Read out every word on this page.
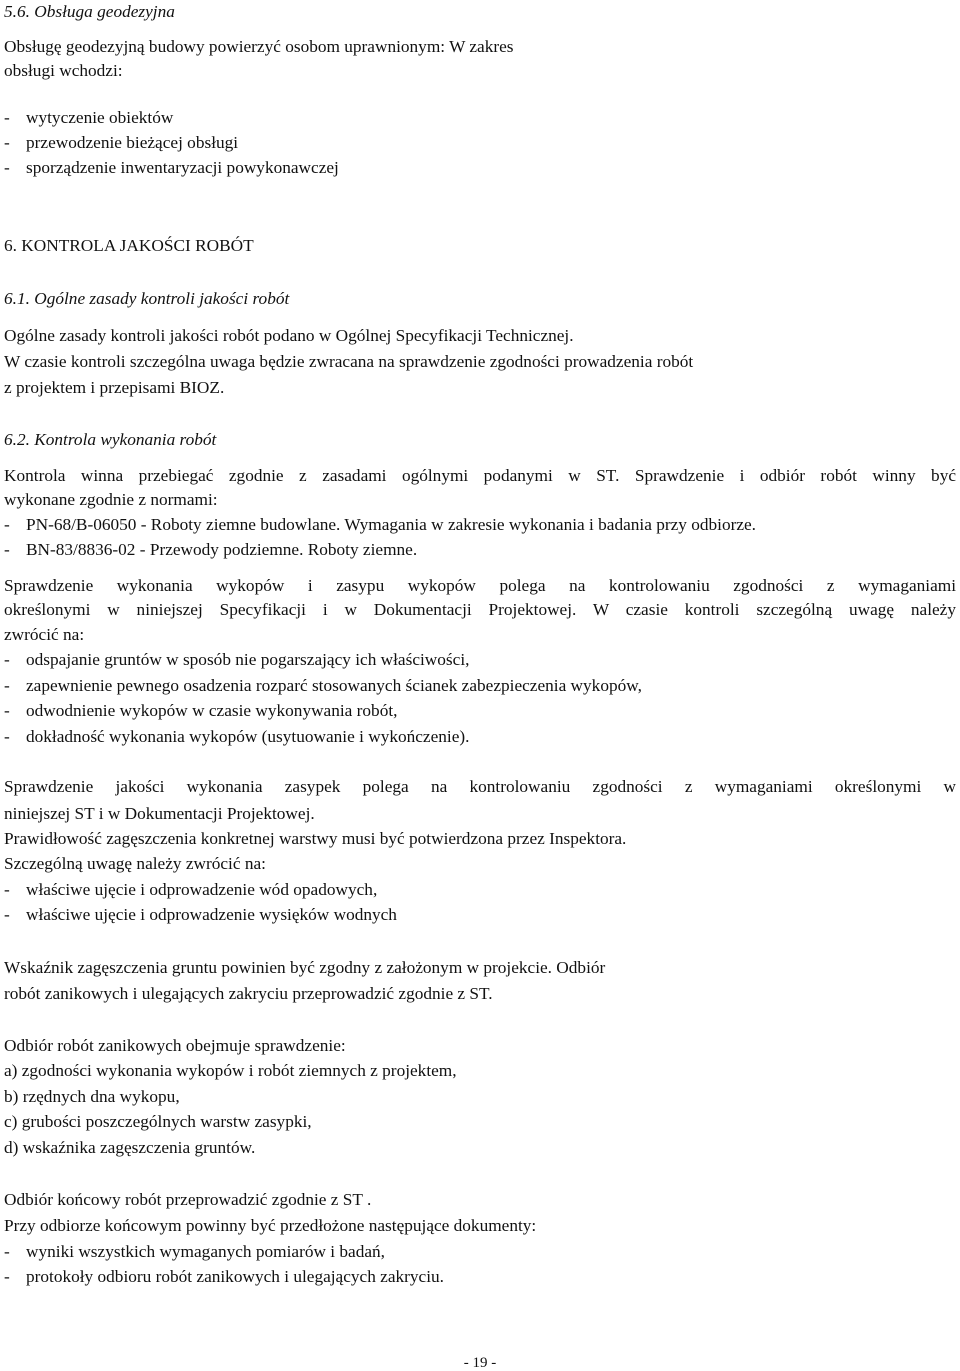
5.6. Obsługa geodezyjna
Obsługę geodezyjną budowy powierzyć osobom uprawnionym: W zakres
obsługi wchodzi:
- wytyczenie obiektów
- przewodzenie bieżącej obsługi
- sporządzenie inwentaryzacji powykonawczej
6. KONTROLA JAKOŚCI ROBÓT
6.1. Ogólne zasady kontroli jakości robót
Ogólne zasady kontroli jakości robót podano w Ogólnej Specyfikacji Technicznej.
W czasie kontroli szczególna uwaga będzie zwracana na sprawdzenie zgodności prowadzenia robót
z projektem i przepisami BIOZ.
6.2. Kontrola wykonania robót
Kontrola winna przebiegać zgodnie z zasadami ogólnymi podanymi w ST. Sprawdzenie i odbiór robót winny być
wykonane zgodnie z normami:
- PN-68/B-06050 - Roboty ziemne budowlane. Wymagania w zakresie wykonania i badania przy odbiorze.
- BN-83/8836-02 - Przewody podziemne. Roboty ziemne.
Sprawdzenie wykonania wykopów i zasypu wykopów polega na kontrolowaniu zgodności z wymaganiami
określonymi w niniejszej Specyfikacji i w Dokumentacji Projektowej. W czasie kontroli szczególną uwagę należy
zwrócić na:
- odspajanie gruntów w sposób nie pogarszający ich właściwości,
- zapewnienie pewnego osadzenia rozparć stosowanych ścianek zabezpieczenia wykopów,
- odwodnienie wykopów w czasie wykonywania robót,
- dokładność wykonania wykopów (usytuowanie i wykończenie).
Sprawdzenie jakości wykonania zasypek polega na kontrolowaniu zgodności z wymaganiami określonymi w
niniejszej ST i w Dokumentacji Projektowej.
Prawidłowość zagęszczenia konkretnej warstwy musi być potwierdzona przez Inspektora.
Szczególną uwagę należy zwrócić na:
- właściwe ujęcie i odprowadzenie wód opadowych,
- właściwe ujęcie i odprowadzenie wysięków wodnych
Wskaźnik zagęszczenia gruntu powinien być zgodny z założonym w projekcie. Odbiór
robót zanikowych i ulegających zakryciu przeprowadzić zgodnie z ST.
Odbiór robót zanikowych obejmuje sprawdzenie:
a) zgodności wykonania wykopów i robót ziemnych z projektem,
b) rzędnych dna wykopu,
c) grubości poszczególnych warstw zasypki,
d) wskaźnika zagęszczenia gruntów.
Odbiór końcowy robót przeprowadzić zgodnie z ST .
Przy odbiorze końcowym powinny być przedłożone następujące dokumenty:
- wyniki wszystkich wymaganych pomiarów i badań,
- protokoły odbioru robót zanikowych i ulegających zakryciu.
- 19 -
